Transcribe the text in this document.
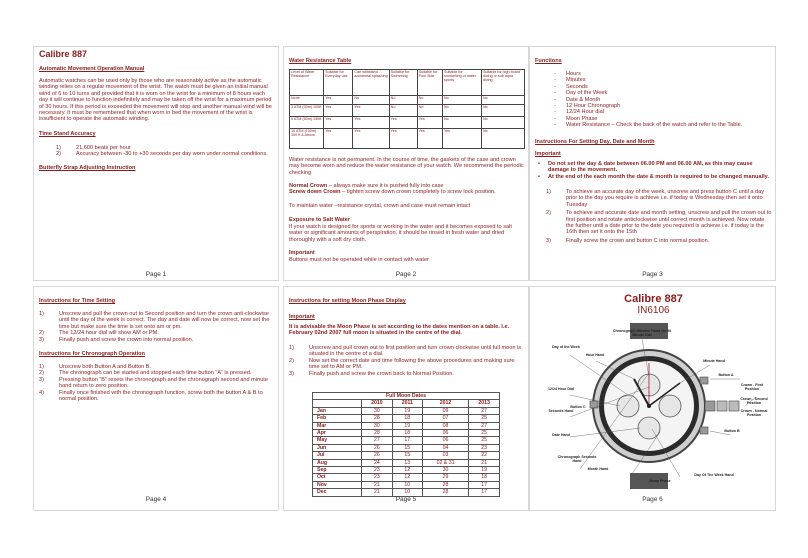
Calibre 887
Automatic Movement Operation Manual
Automatic watches can be used only by those who are reasonably active as the automatic winding relies on a regular movement of the wrist. The watch must be given an initial manual wind of 6 to 10 turns and provided that it is worn on the wrist for a minimum of 8 hours each day it will continue to function indefinitely and may be taken off the wrist for a maximum period of 30 hours. If this period is exceeded the movement will stop and another manual wind will be necessary. It must be remembered that when worn in bed the movement of the wrist is insufficient to operate the automatic winding.
Time Stand Accuracy
1)	21,600 beats per hour
2)	Accuracy between -30 to +30 seconds per day worn under normal conditions.
Butterfly Strap Adjusting Instruction
Page 1
Water Resistance Table
Level of Water Resistance	Suitable for Everyday use	Can withstand accidental splashing	Suitable for Swimming	Suitable for Pool Side	Suitable for snorkelling or water sports	Suitable for high board diving or sub aqua diving
None	Yes	No	No	No	No	No
3 ATM (30m) 100ft	Yes	Yes	No	No	No	No
5 ATM (50m) 150ft	Yes	Yes	Yes	Yes	No	No
10 ATM (100m) 300 ft & Above	Yes	Yes	Yes	Yes	Yes	No
Water resistance is not permanent. In the course of time, the gaskets of the case and crown may become worn and reduce the water resistance of your watch. We recommend the periodic checking
Normal Crown – always make sure it is pushed fully into case
Screw down Crown – tighten screw down crown completely to screw lock position.
To maintain water –resistance crystal, crown and case must remain intact
Exposure to Salt Water
If your watch is designed for sports or working in the water and it becomes exposed to salt water or significant amounts of perspiration, it should be rinsed in fresh water and dried thoroughly with a soft dry cloth.
Important
Buttons must not be operated while in contact with water
Page 2
Functions
-	Hours
-	Minutes
-	Seconds
-	Day of the Week
-	Date & Month
-	12 Hour Chronograph
-	12/24 Hour dial
-	Moon Phase
-	Water Resistance – Check the back of the watch and refer to the Table.
Instructions For Setting Day, Date and Month
Important
•	Do not set the day & date between 06.00 PM and 06.00 AM, as this may cause damage to the movement.
•	At the end of the each month the date & month is required to be changed manually.
1)	To achieve an accurate day of the week, unscrew and press button C until a day prior to the day you require is achieve i.e. if today is Wednesday then set it onto Tuesday
2)	To achieve and accurate date and month setting, unscrew and pull the crown out to first position and rotate anticlockwise until correct month is achieved. Now rotate the further until a date prior to the date you required is achieve i.e. if today is the 16th then set it onto the 15th
3)	Finally screw the crown and button C into normal position.
Page 3
Instructions for Time Setting
1)	Unscrew and pull the crown out to Second position and turn the crown anti-clockwise until the day of the week is correct. The day and date will now be correct, now set the time but make sure the time is set onto am or pm.
2)	The 12/24 hour dial will show AM or PM.
3)	Finally push and screw the crown into normal position.
Instructions for Chronograph Operation
1)	Unscrew both Button A and Button B.
2)	The chronograph can be started and stopped each time button “A” is pressed.
3)	Pressing button “B” resets the chronograph and the chronograph second and minute hand return to zero position.
4)	Finally once finished with the chronograph function, screw both the button A & B to normal position.
Page 4
Instructions for setting Moon Phase Display
Important
It is advisable the Moon Phase is set according to the dates mention on a table. I.e. February 02nd 2007 full moon is situated in the centre of the dial.
1)	Unscrew and pull crown out to first position and turn crown clockwise until full moon is situated in the centre of a dial.
2)	Now set the correct date and time following the above procedures and making sure time set to AM or PM.
3)	Finally push and screw the crown back to Normal Position.
Full Moon Dates				
	2010	2011	2012	2013
Jan	30	19	09	27
Feb	28	18	07	25
Mar	30	19	08	27
Apr	28	18	06	25
May	27	17	06	25
Jun	26	15	04	23
Jul	26	15	03	22
Aug	24	13	02 & 31	21
Sep	23	12	30	19
Oct	23	12	29	18
Nov	21	10	28	17
Dec	21	10	28	17
Page 5
Calibre 887
IN6106
Chronograph Minutes Hand On 30 Minute Dial
Day of the Week
Hour Hand
Minute Hand
12/24 Hour Dial
Button A
Crown - First Position
Crown - Second Position
Crown - Normal Position
Seconds Hand
Date Hand
Button B
Button C
Chronograph Seconds Hand
Month Hand
Moon Phase
Day Of The Week Hand
Page 6
